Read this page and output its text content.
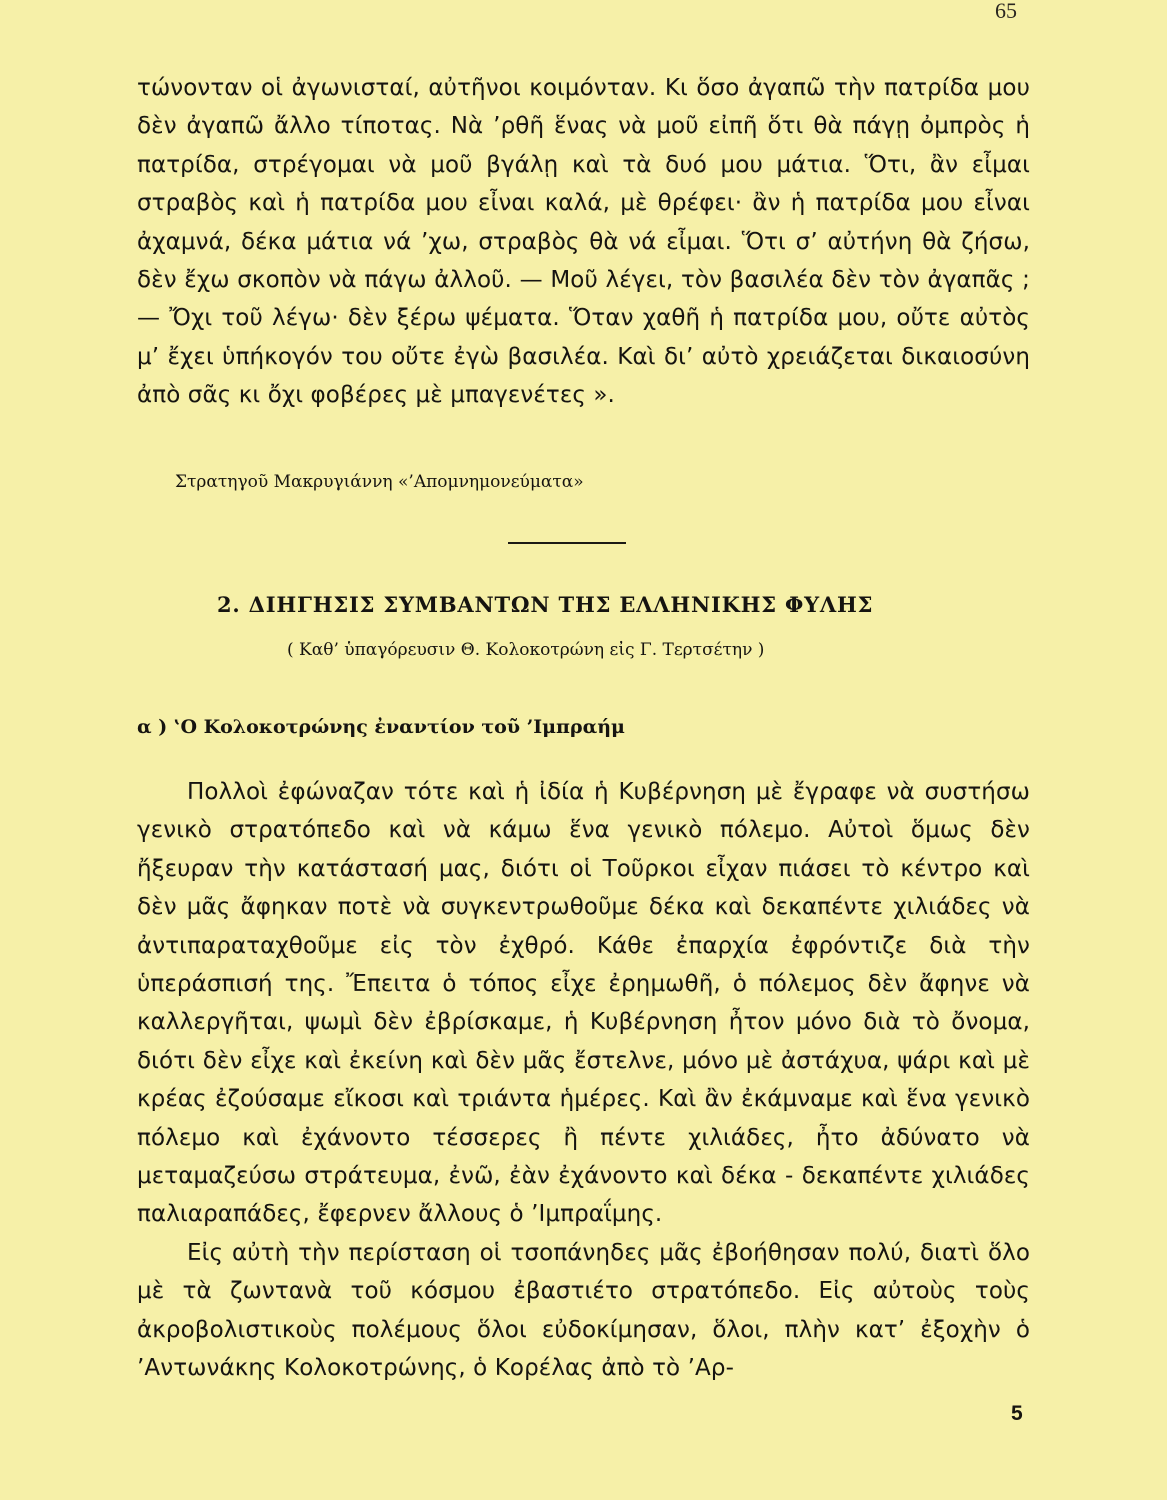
65

τώνονταν οἱ ἀγωνισταί, αὐτῆνοι κοιμόνταν. Κι ὅσο ἀγαπῶ τὴν πατρίδα μου δὲν ἀγαπῶ ἄλλο τίποτας. Νὰ ’ρθῆ ἕνας νὰ μοῦ εἰπῆ ὅτι θὰ πάγῃ ὀμπρὸς ἡ πατρίδα, στρέγομαι νὰ μοῦ βγάλῃ καὶ τὰ δυό μου μάτια. Ὅτι, ἂν εἶμαι στραβὸς καὶ ἡ πατρίδα μου εἶναι καλά, μὲ θρέφει· ἂν ἡ πατρίδα μου εἶναι ἀχαμνά, δέκα μάτια νά ’χω, στραβὸς θὰ νά εἶμαι. Ὅτι σ’ αὐτήνη θὰ ζήσω, δὲν ἔχω σκοπὸν νὰ πάγω ἀλλοῦ. — Μοῦ λέγει, τὸν βασιλέα δὲν τὸν ἀγαπᾶς ; — Ὄχι τοῦ λέγω· δὲν ξέρω ψέματα. Ὅταν χαθῆ ἡ πατρίδα μου, οὔτε αὐτὸς μ’ ἔχει ὑπήκογόν του οὔτε ἐγὼ βασιλέα. Καὶ δι’ αὐτὸ χρειάζεται δικαιοσύνη ἀπὸ σᾶς κι ὄχι φοβέρες μὲ μπαγενέτες ».

Στρατηγοῦ Μακρυγιάννη «’Απομνημονεύματα»
2. ΔΙΗΓΗΣΙΣ ΣΥΜΒΑΝΤΩΝ ΤΗΣ ΕΛΛΗΝΙΚΗΣ ΦΥΛΗΣ
( Καθ’ ὑπαγόρευσιν Θ. Κολοκοτρώνη εἰς Γ. Τερτσέτην )
α ) ‛Ο Κολοκοτρώνης ἐναντίον τοῦ ’Ιμπραήμ

Πολλοὶ ἐφώναζαν τότε καὶ ἡ ἰδία ἡ Κυβέρνηση μὲ ἔγραφε νὰ συστήσω γενικὸ στρατόπεδο καὶ νὰ κάμω ἕνα γενικὸ πόλεμο. Αὐτοὶ ὅμως δὲν ἤξευραν τὴν κατάστασή μας, διότι οἱ Τοῦρκοι εἶχαν πιάσει τὸ κέντρο καὶ δὲν μᾶς ἄφηκαν ποτὲ νὰ συγκεντρωθοῦμε δέκα καὶ δεκαπέντε χιλιάδες νὰ ἀντιπαραταχθοῦμε εἰς τὸν ἐχθρό. Κάθε ἐπαρχία ἐφρόντιζε διὰ τὴν ὑπεράσπισή της. Ἔπειτα ὁ τόπος εἶχε ἐρημωθῆ, ὁ πόλεμος δὲν ἄφηνε νὰ καλλεργῆται, ψωμὶ δὲν ἐβρίσκαμε, ἡ Κυβέρνηση ἦτον μόνο διὰ τὸ ὄνομα, διότι δὲν εἶχε καὶ ἐκείνη καὶ δὲν μᾶς ἔστελνε, μόνο μὲ ἀστάχυα, ψάρι καὶ μὲ κρέας ἐζούσαμε εἴκοσι καὶ τριάντα ἡμέρες. Καὶ ἂν ἐκάμναμε καὶ ἕνα γενικὸ πόλεμο καὶ ἐχάνοντο τέσσερες ἢ πέντε χιλιάδες, ἦτο ἀδύνατο νὰ μεταμαζεύσω στράτευμα, ἐνῶ, ἐὰν ἐχάνοντο καὶ δέκα - δεκαπέντε χιλιάδες παλιαραπάδες, ἔφερνεν ἄλλους ὁ ’Ιμπραΐμης.

Εἰς αὐτὴ τὴν περίσταση οἱ τσοπάνηδες μᾶς ἐβοήθησαν πολύ, διατὶ ὅλο μὲ τὰ ζωντανὰ τοῦ κόσμου ἐβαστιέτο στρατόπεδο. Εἰς αὐτοὺς τοὺς ἀκροβολιστικοὺς πολέμους ὅλοι εὐδοκίμησαν, ὅλοι, πλὴν κατ’ ἐξοχὴν ὁ ’Αντωνάκης Κολοκοτρώνης, ὁ Κορέλας ἀπὸ τὸ ’Αρ-

5
